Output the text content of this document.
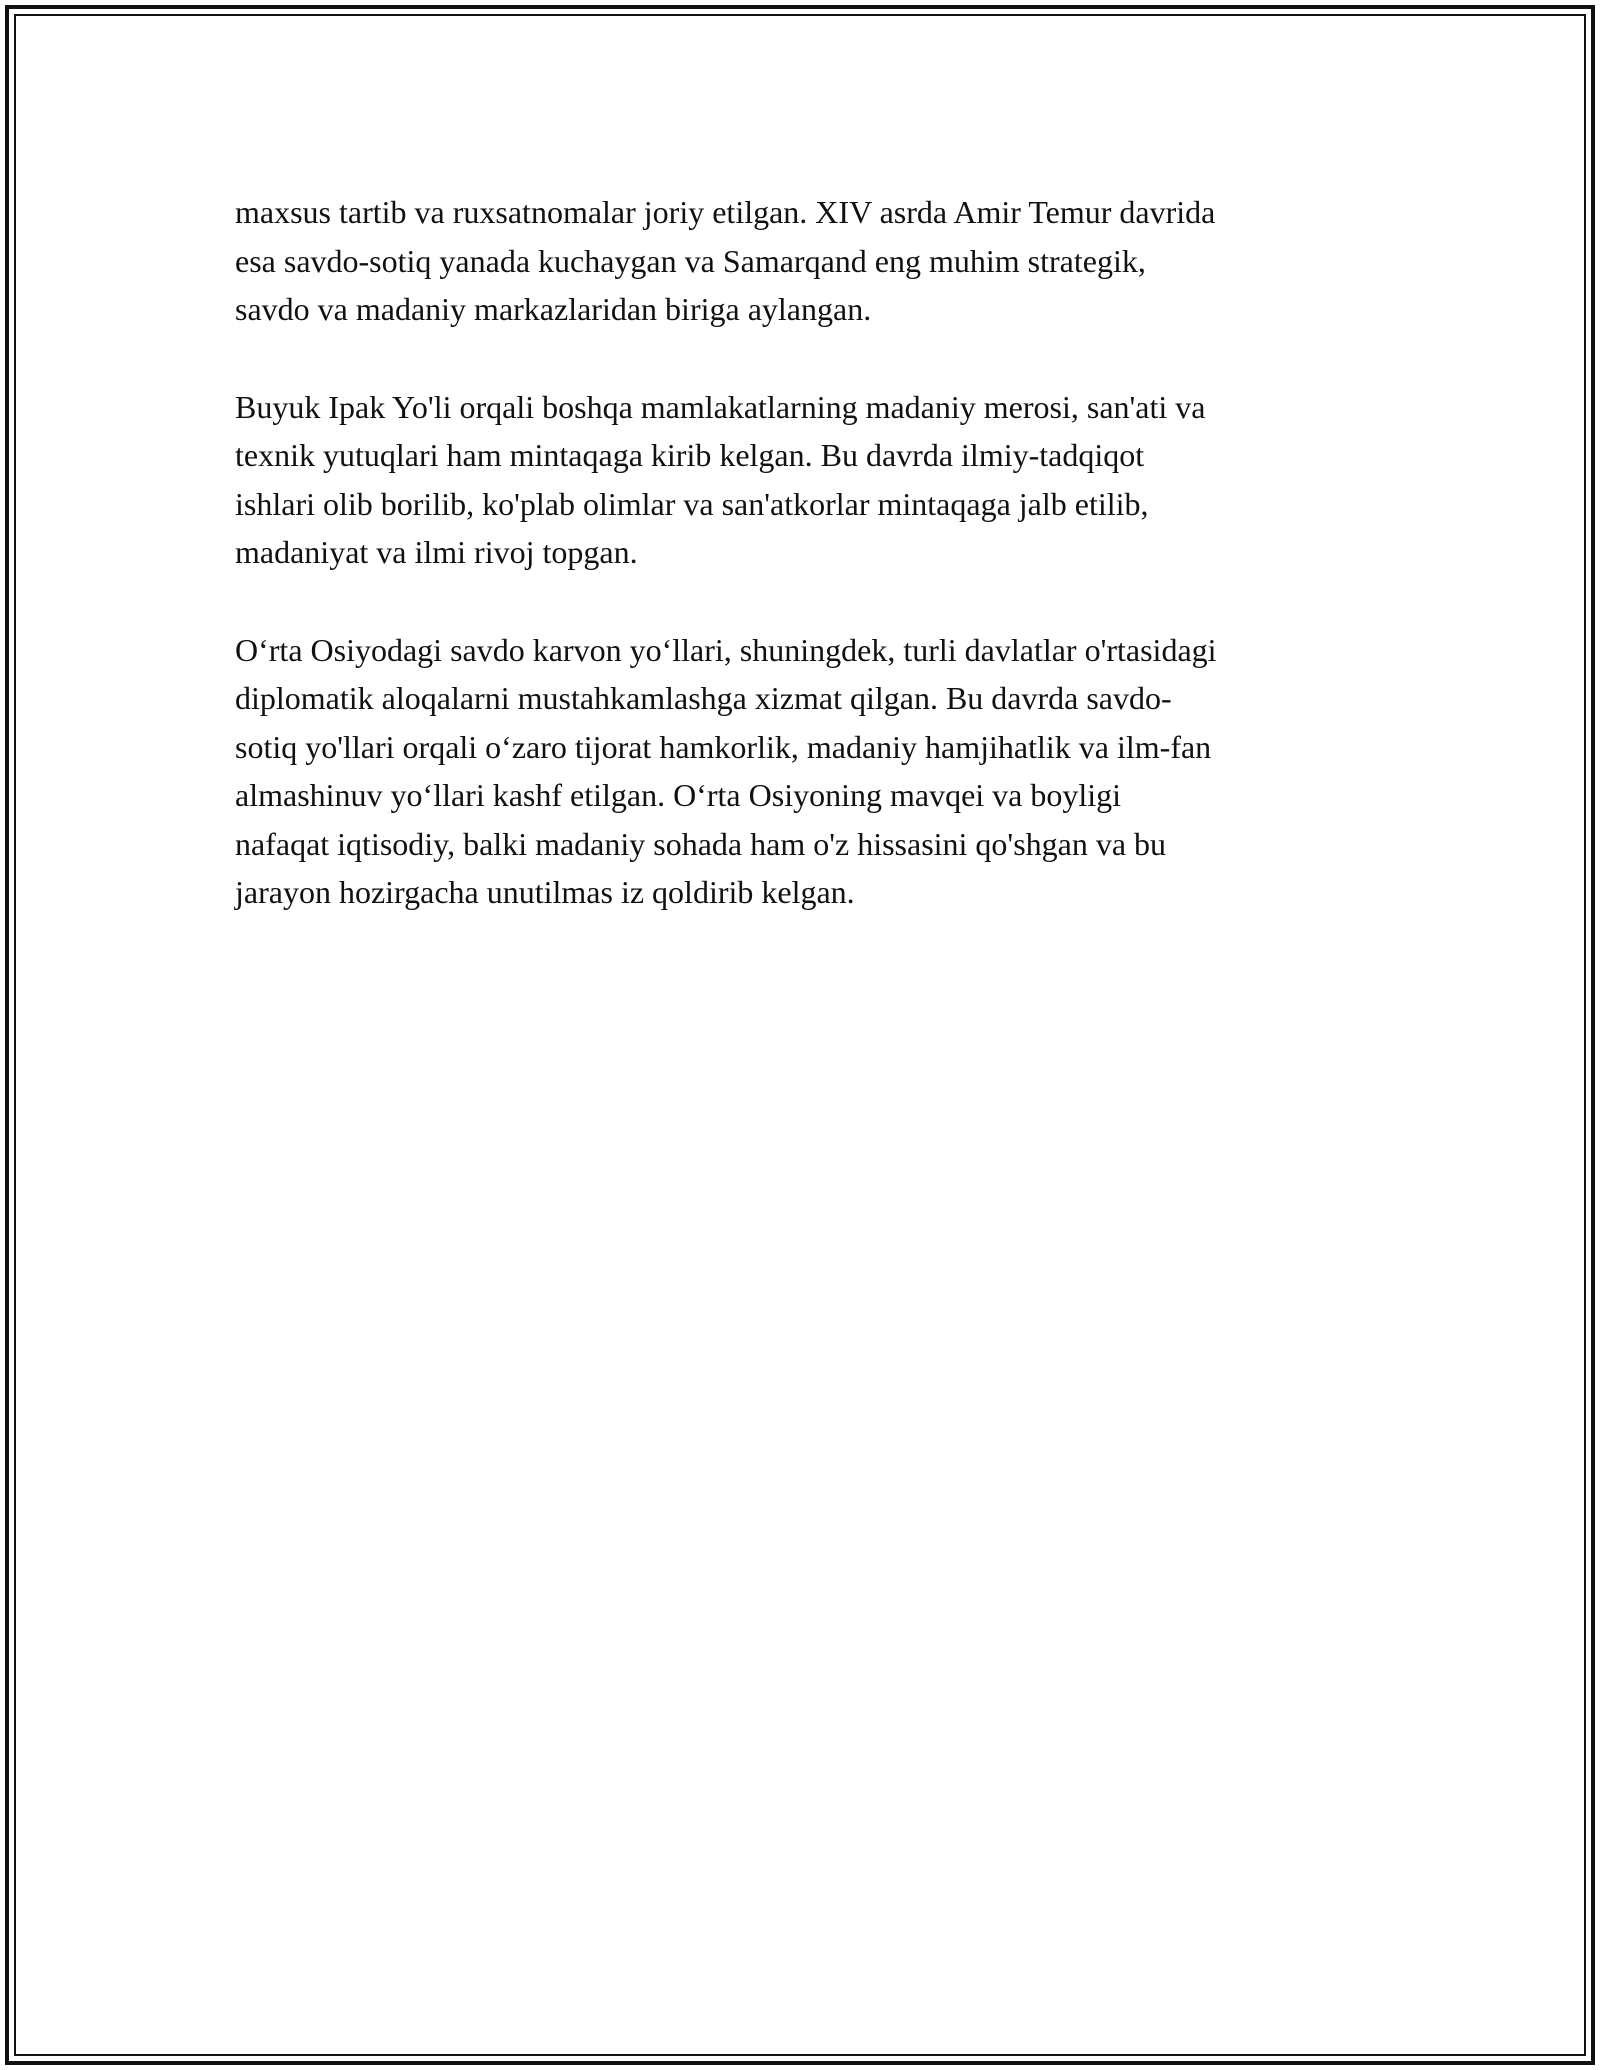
maxsus tartib va ruxsatnomalar joriy etilgan. XIV asrda Amir Temur davrida
esa savdo-sotiq yanada kuchaygan va Samarqand eng muhim strategik,
savdo va madaniy markazlaridan biriga aylangan.

Buyuk Ipak Yo'li orqali boshqa mamlakatlarning madaniy merosi, san'ati va
texnik yutuqlari ham mintaqaga kirib kelgan. Bu davrda ilmiy-tadqiqot
ishlari olib borilib, ko'plab olimlar va san'atkorlar mintaqaga jalb etilib,
madaniyat va ilmi rivoj topgan.

O‘rta Osiyodagi savdo karvon yo‘llari, shuningdek, turli davlatlar o'rtasidagi
diplomatik aloqalarni mustahkamlashga xizmat qilgan. Bu davrda savdo-
sotiq yo'llari orqali o‘zaro tijorat hamkorlik, madaniy hamjihatlik va ilm-fan
almashinuv yo‘llari kashf etilgan. O‘rta Osiyoning mavqei va boyligi
nafaqat iqtisodiy, balki madaniy sohada ham o'z hissasini qo'shgan va bu
jarayon hozirgacha unutilmas iz qoldirib kelgan.
